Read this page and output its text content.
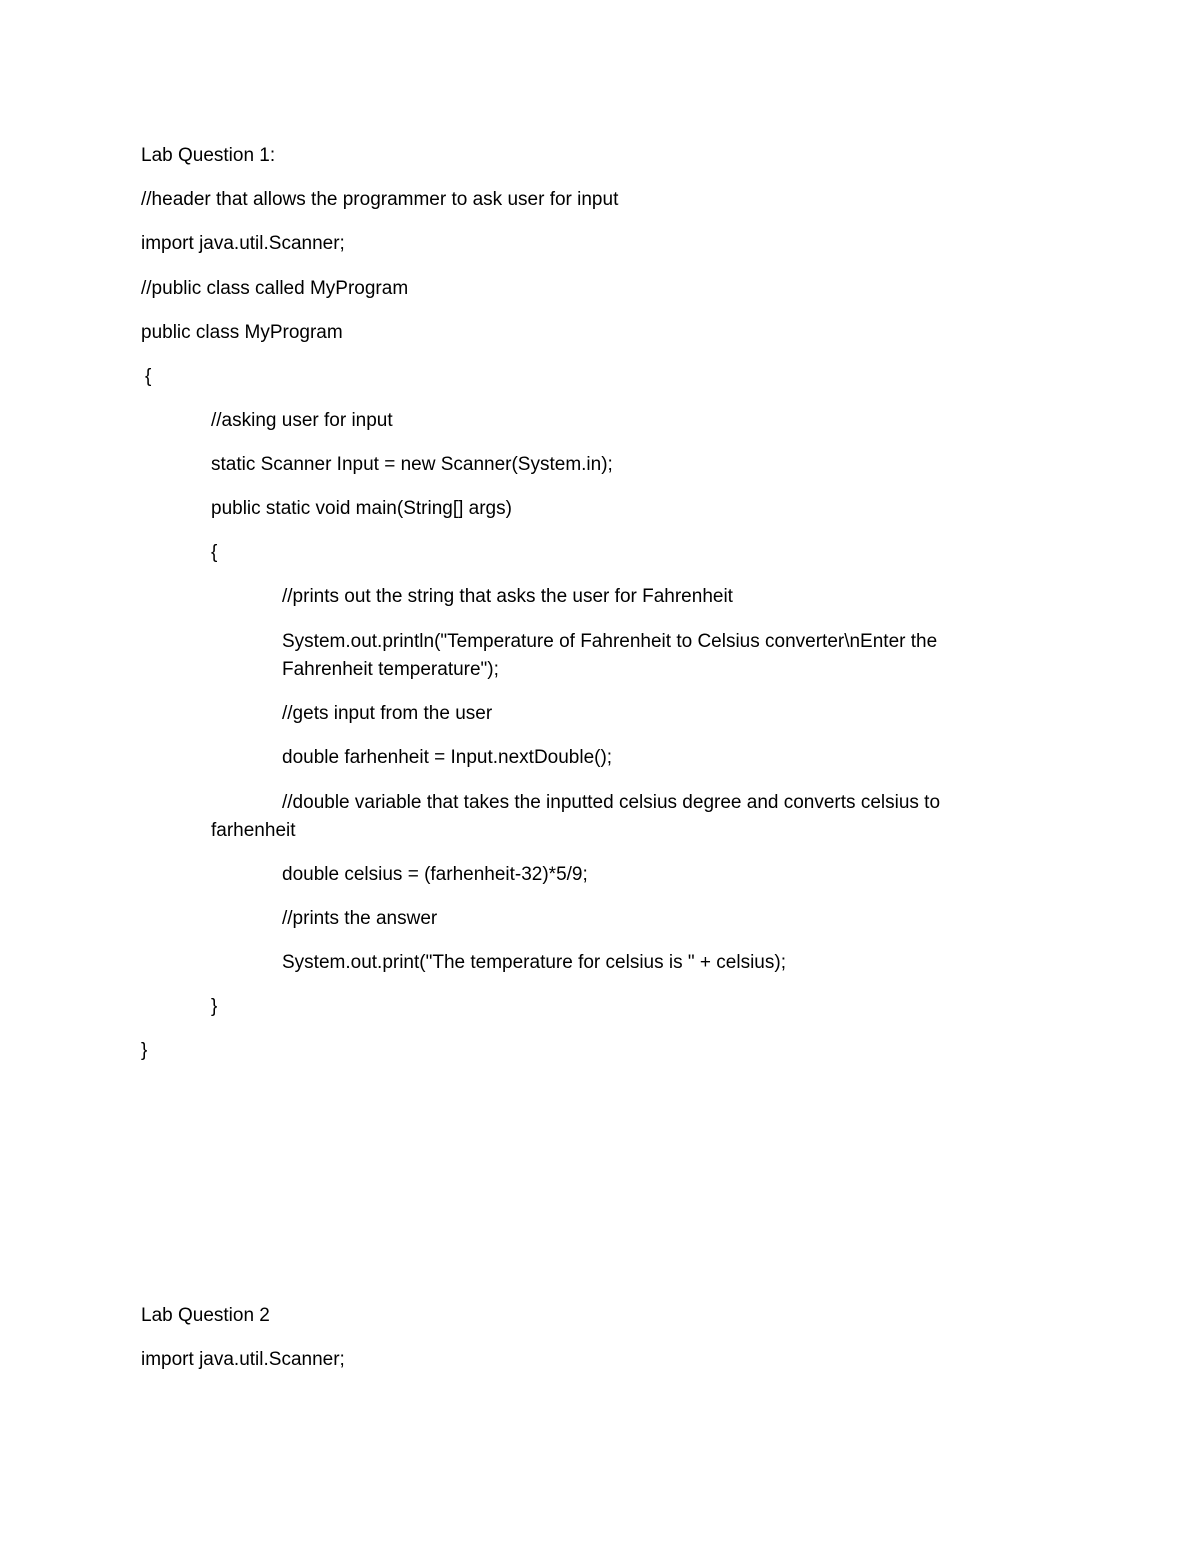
Lab Question 1:

//header that allows the programmer to ask user for input

import java.util.Scanner;

//public class called MyProgram

public class MyProgram

{

//asking user for input

static Scanner Input = new Scanner(System.in);

public static void main(String[] args)

{

//prints out the string that asks the user for Fahrenheit

System.out.println("Temperature of Fahrenheit to Celsius converter\nEnter the

Fahrenheit temperature");

//gets input from the user

double farhenheit = Input.nextDouble();

//double variable that takes the inputted celsius degree and converts celsius to

farhenheit

double celsius = (farhenheit-32)*5/9;

//prints the answer

System.out.print("The temperature for celsius is " + celsius);

}

}

Lab Question 2

import java.util.Scanner;
